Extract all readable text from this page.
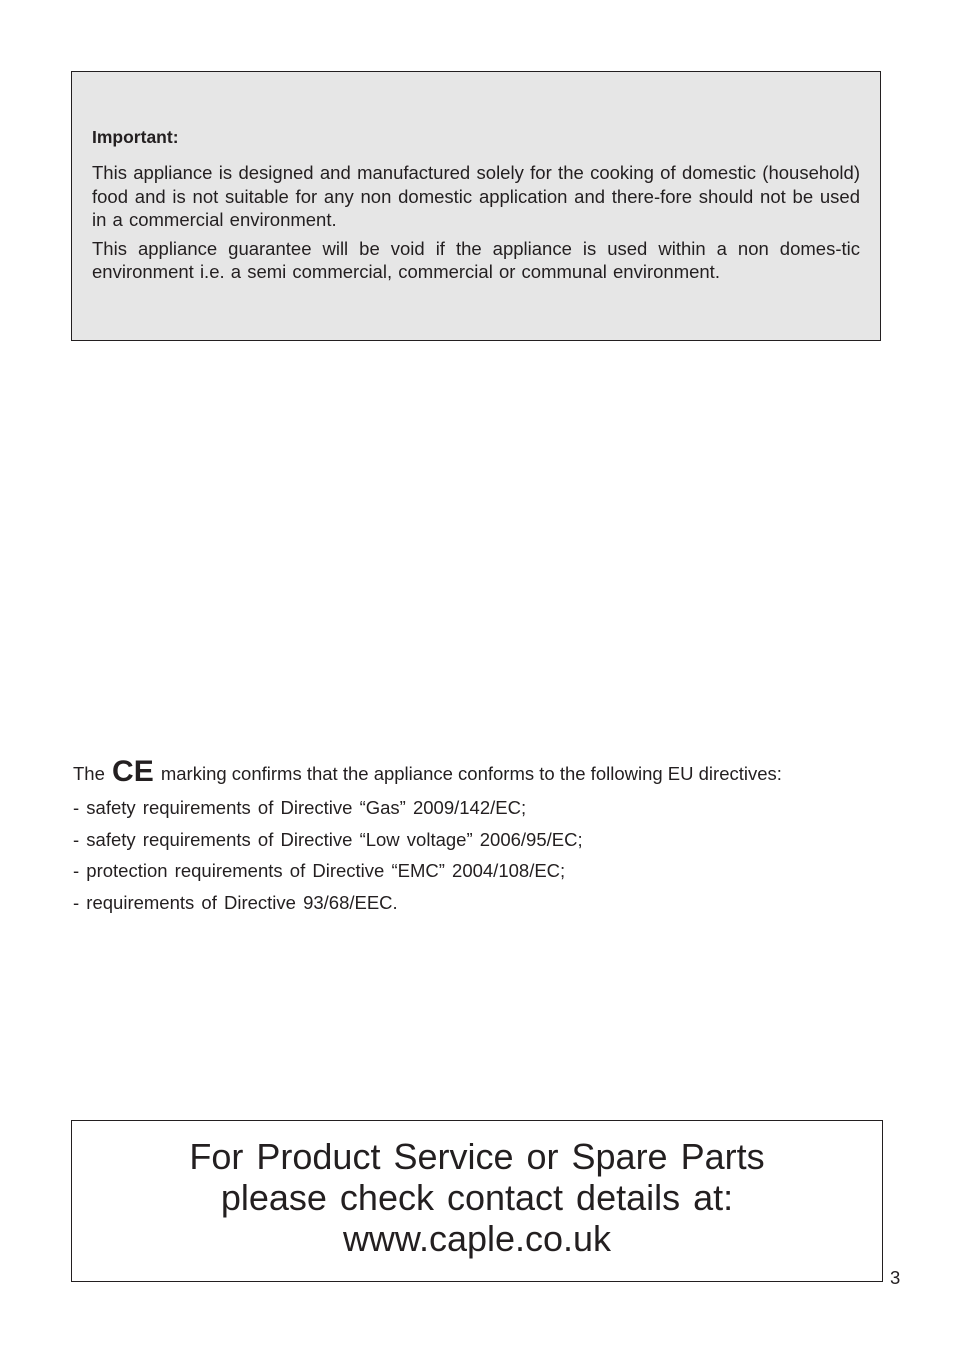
Important:

This appliance is designed and manufactured solely for the cooking of domestic (household) food and is not suitable for any non domestic application and there-fore should not be used in a commercial environment.

This appliance guarantee will be void if the appliance is used within a non domes-tic environment i.e. a semi commercial, commercial or communal environment.

The CE marking confirms that the appliance conforms to the following EU directives:

- safety requirements of Directive “Gas” 2009/142/EC;
- safety requirements of Directive “Low voltage” 2006/95/EC;
- protection requirements of Directive “EMC” 2004/108/EC;
- requirements of Directive 93/68/EEC.

For Product Service or Spare Parts

please check contact details at:

www.caple.co.uk

3
